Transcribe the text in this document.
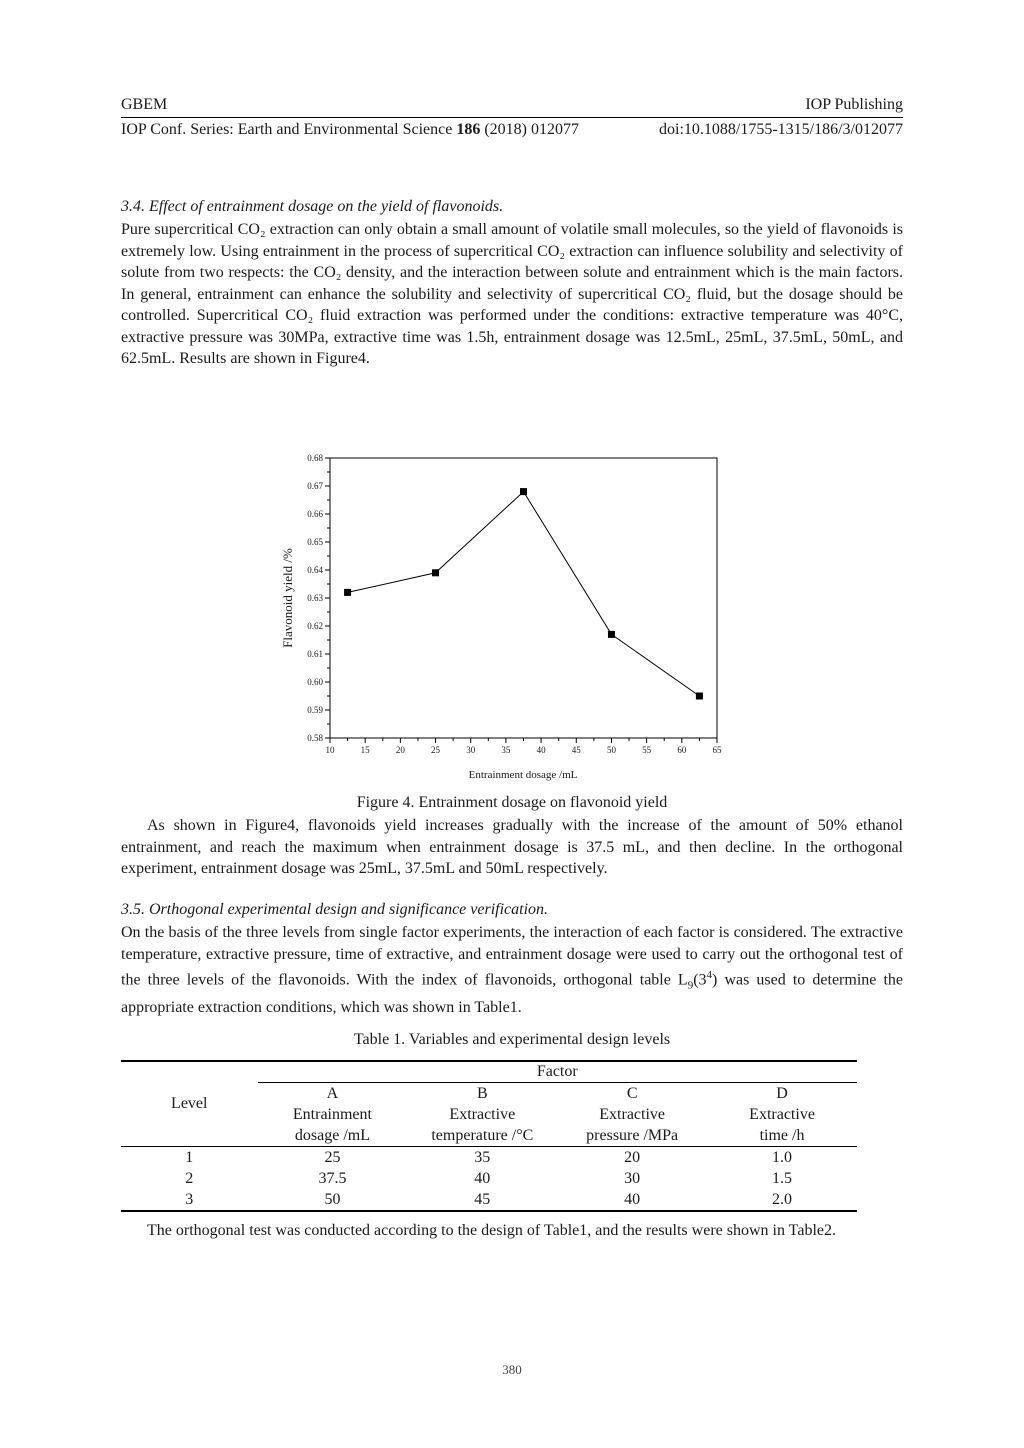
GBEM	IOP Publishing
IOP Conf. Series: Earth and Environmental Science 186 (2018) 012077	doi:10.1088/1755-1315/186/3/012077

3.4. Effect of entrainment dosage on the yield of flavonoids.

Pure supercritical CO₂ extraction can only obtain a small amount of volatile small molecules, so the yield of flavonoids is extremely low. Using entrainment in the process of supercritical CO₂ extraction can influence solubility and selectivity of solute from two respects: the CO₂ density, and the interaction between solute and entrainment which is the main factors. In general, entrainment can enhance the solubility and selectivity of supercritical CO₂ fluid, but the dosage should be controlled. Supercritical CO₂ fluid extraction was performed under the conditions: extractive temperature was 40°C, extractive pressure was 30MPa, extractive time was 1.5h, entrainment dosage was 12.5mL, 25mL, 37.5mL, 50mL, and 62.5mL. Results are shown in Figure4.

0.58
0.59
0.60
0.61
0.62
0.63
0.64
0.65
0.66
0.67
0.68
10	15	20	25	30	35	40	45	50	55	60	65
Flavonoid yield /%
Entrainment dosage /mL
Figure 4. Entrainment dosage on flavonoid yield

As shown in Figure4, flavonoids yield increases gradually with the increase of the amount of 50% ethanol entrainment, and reach the maximum when entrainment dosage is 37.5 mL, and then decline. In the orthogonal experiment, entrainment dosage was 25mL, 37.5mL and 50mL respectively.

3.5. Orthogonal experimental design and significance verification.

On the basis of the three levels from single factor experiments, the interaction of each factor is considered. The extractive temperature, extractive pressure, time of extractive, and entrainment dosage were used to carry out the orthogonal test of the three levels of the flavonoids. With the index of flavonoids, orthogonal table $L_9(3^4)$ was used to determine the appropriate extraction conditions, which was shown in Table1.

Table 1. Variables and experimental design levels
Level	Factor			
	A	B	C	D
	Entrainment	Extractive	Extractive	Extractive
	dosage /mL	temperature /°C	pressure /MPa	time /h
1	25	35	20	1.0
2	37.5	40	30	1.5
3	50	45	40	2.0

The orthogonal test was conducted according to the design of Table1, and the results were shown in Table2.

380
